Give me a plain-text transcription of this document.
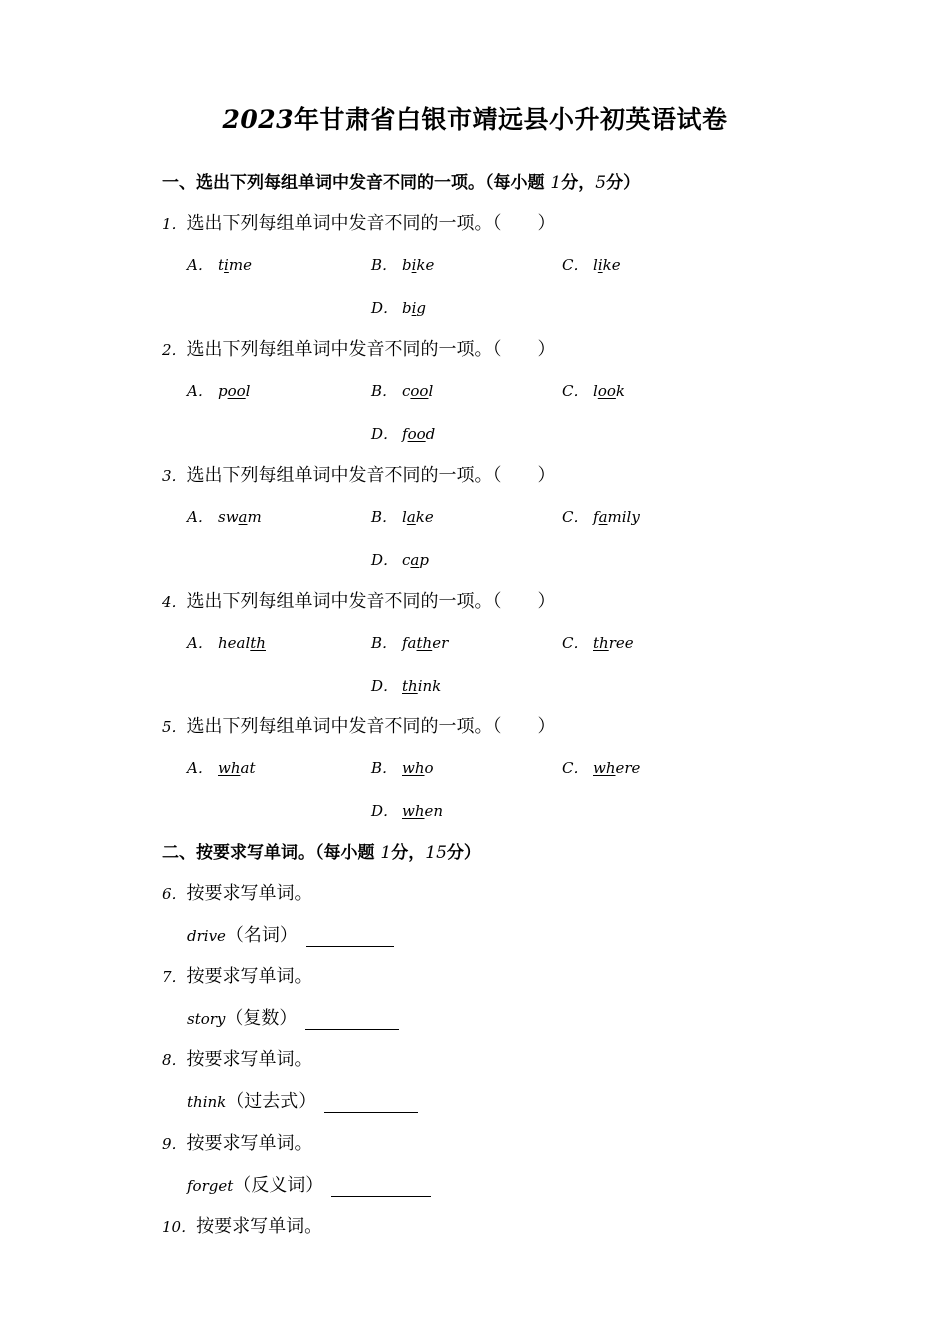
2023年甘肃省白银市靖远县小升初英语试卷
一、选出下列每组单词中发音不同的一项。（每小题 1分，5分）
1．选出下列每组单词中发音不同的一项。（ ）
A． time	B． bike	C． like
D． big
2．选出下列每组单词中发音不同的一项。（ ）
A． pool	B． cool	C． look
D． food
3．选出下列每组单词中发音不同的一项。（ ）
A． swam	B． lake	C． family
D． cap
4．选出下列每组单词中发音不同的一项。（ ）
A． health	B． father	C． three
D． think
5．选出下列每组单词中发音不同的一项。（ ）
A． what	B． who	C． where
D． when
二、按要求写单词。（每小题 1分，15分）
6．按要求写单词。
drive（名词）
7．按要求写单词。
story（复数）
8．按要求写单词。
think（过去式）
9．按要求写单词。
forget（反义词）
10．按要求写单词。
